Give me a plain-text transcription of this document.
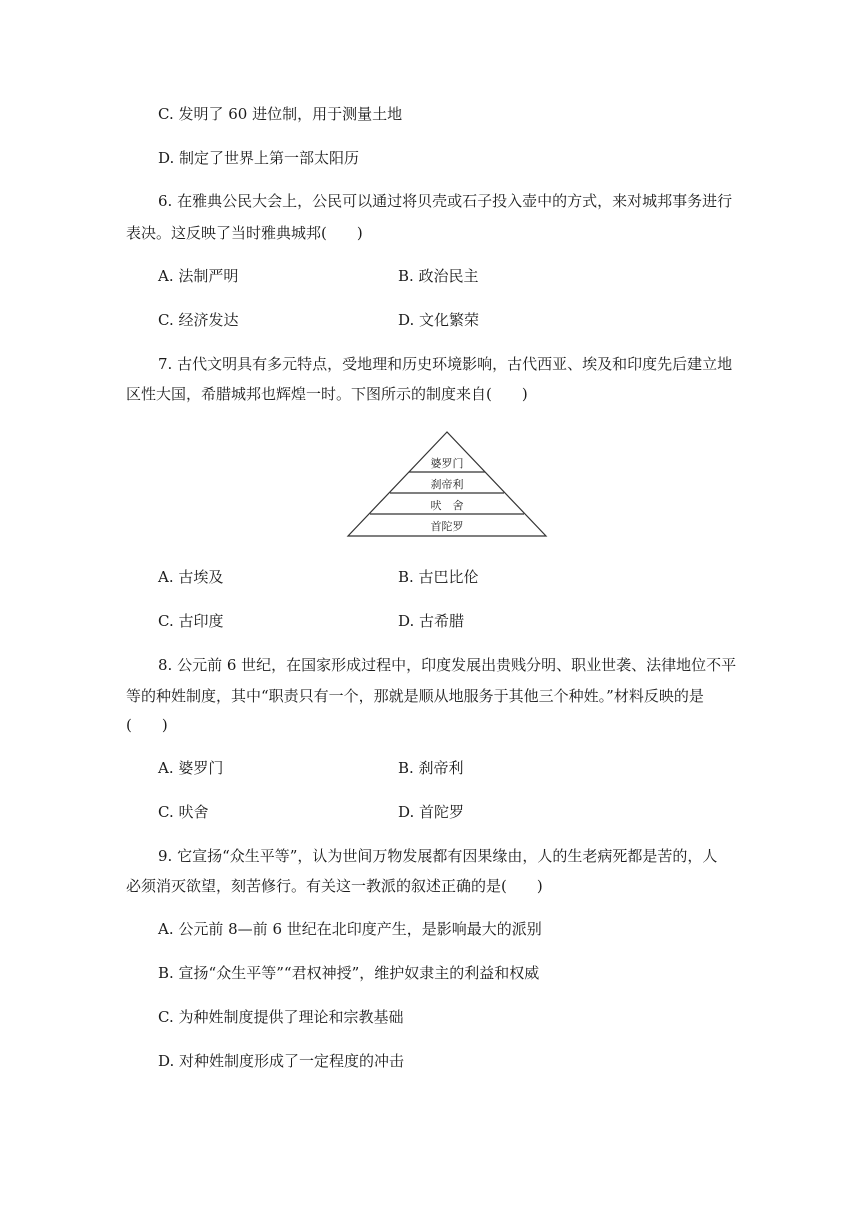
C. 发明了 60 进位制，用于测量土地
D. 制定了世界上第一部太阳历
6. 在雅典公民大会上，公民可以通过将贝壳或石子投入壶中的方式，来对城邦事务进行
表决。这反映了当时雅典城邦(　　)
A. 法制严明	B. 政治民主
C. 经济发达	D. 文化繁荣
7. 古代文明具有多元特点，受地理和历史环境影响，古代西亚、埃及和印度先后建立地
区性大国，希腊城邦也辉煌一时。下图所示的制度来自(　　)
婆罗门
刹帝利
吠　舍
首陀罗
A. 古埃及	B. 古巴比伦
C. 古印度	D. 古希腊
8. 公元前 6 世纪，在国家形成过程中，印度发展出贵贱分明、职业世袭、法律地位不平
等的种姓制度，其中“职责只有一个，那就是顺从地服务于其他三个种姓。”材料反映的是
(　　)
A. 婆罗门	B. 刹帝利
C. 吠舍	D. 首陀罗
9. 它宣扬“众生平等”，认为世间万物发展都有因果缘由，人的生老病死都是苦的，人
必须消灭欲望，刻苦修行。有关这一教派的叙述正确的是(　　)
A. 公元前 8—前 6 世纪在北印度产生，是影响最大的派别
B. 宣扬“众生平等”“君权神授”，维护奴隶主的利益和权威
C. 为种姓制度提供了理论和宗教基础
D. 对种姓制度形成了一定程度的冲击
